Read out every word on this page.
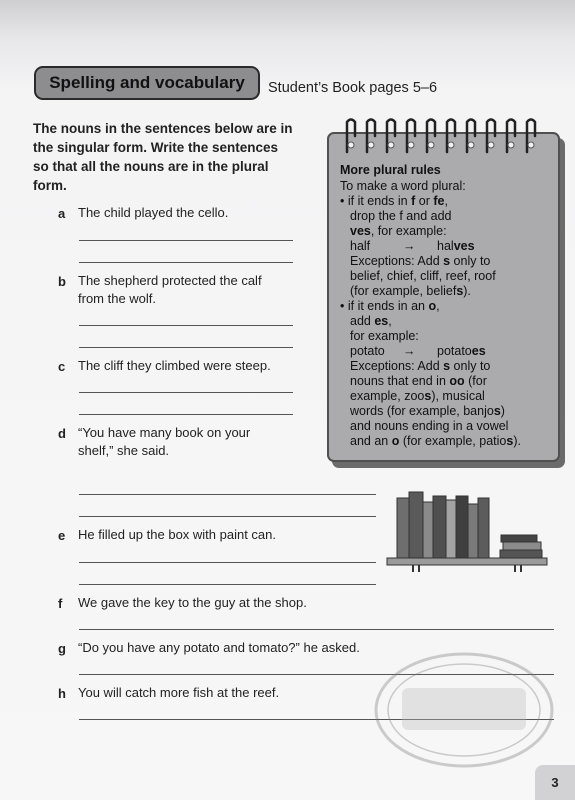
Spelling and vocabulary Student’s Book pages 5–6
The nouns in the sentences below are in the singular form. Write the sentences so that all the nouns are in the plural form.
a The child played the cello.
b The shepherd protected the calf
from the wolf.
c The cliff they climbed were steep.
d “You have many book on your
shelf,” she said.
e He filled up the box with paint can.
f We gave the key to the guy at the shop.
g “Do you have any potato and tomato?” he asked.
h You will catch more fish at the reef.
More plural rules
To make a word plural:
• if it ends in f or fe,
drop the f and add
ves, for example:
half	→ halves
Exceptions: Add s only to
belief, chief, cliff, reef, roof
(for example, beliefs).
• if it ends in an o,
add es,
for example:
potato → potatoes
Exceptions: Add s only to
nouns that end in oo (for
example, zoos), musical
words (for example, banjos)
and nouns ending in a vowel
and an o (for example, patios).
3
